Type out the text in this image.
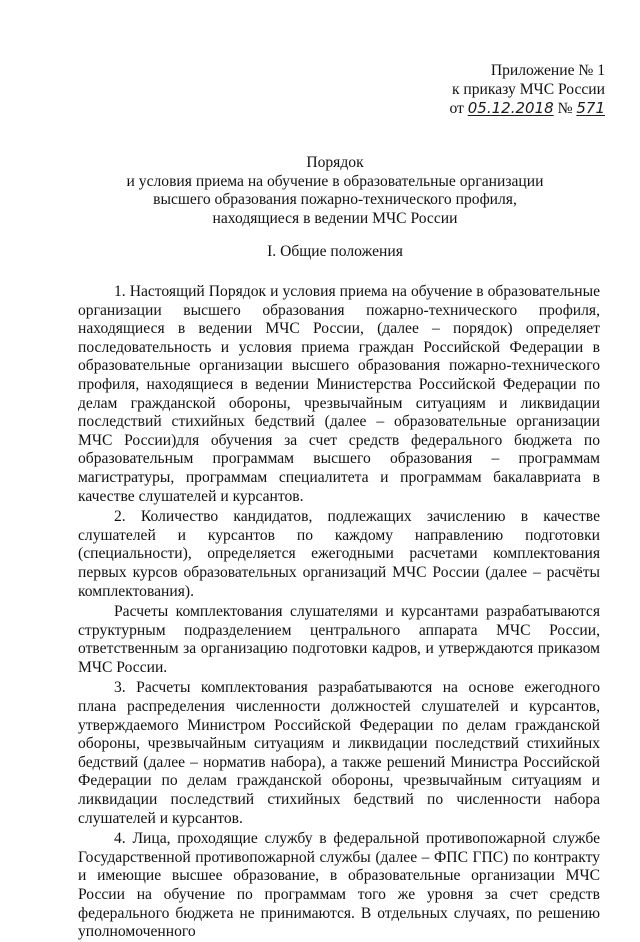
Приложение № 1
к приказу МЧС России
от 05.12.2018 № 571
Порядок
и условия приема на обучение в образовательные организации
высшего образования пожарно-технического профиля,
находящиеся в ведении МЧС России
I. Общие положения

1. Настоящий Порядок и условия приема на обучение в образовательные организации высшего образования пожарно-технического профиля, находящиеся в ведении МЧС России, (далее – порядок) определяет последовательность и условия приема граждан Российской Федерации в образовательные организации высшего образования пожарно-технического профиля, находящиеся в ведении Министерства Российской Федерации по делам гражданской обороны, чрезвычайным ситуациям и ликвидации последствий стихийных бедствий (далее – образовательные организации МЧС России)для обучения за счет средств федерального бюджета по образовательным программам высшего образования – программам магистратуры, программам специалитета и программам бакалавриата в качестве слушателей и курсантов.

2. Количество кандидатов, подлежащих зачислению в качестве слушателей и курсантов по каждому направлению подготовки (специальности), определяется ежегодными расчетами комплектования первых курсов образовательных организаций МЧС России (далее – расчёты комплектования).

Расчеты комплектования слушателями и курсантами разрабатываются структурным подразделением центрального аппарата МЧС России, ответственным за организацию подготовки кадров, и утверждаются приказом МЧС России.

3. Расчеты комплектования разрабатываются на основе ежегодного плана распределения численности должностей слушателей и курсантов, утверждаемого Министром Российской Федерации по делам гражданской обороны, чрезвычайным ситуациям и ликвидации последствий стихийных бедствий (далее – норматив набора), а также решений Министра Российской Федерации по делам гражданской обороны, чрезвычайным ситуациям и ликвидации последствий стихийных бедствий по численности набора слушателей и курсантов.

4. Лица, проходящие службу в федеральной противопожарной службе Государственной противопожарной службы (далее – ФПС ГПС) по контракту и имеющие высшее образование, в образовательные организации МЧС России на обучение по программам того же уровня за счет средств федерального бюджета не принимаются. В отдельных случаях, по решению уполномоченного
